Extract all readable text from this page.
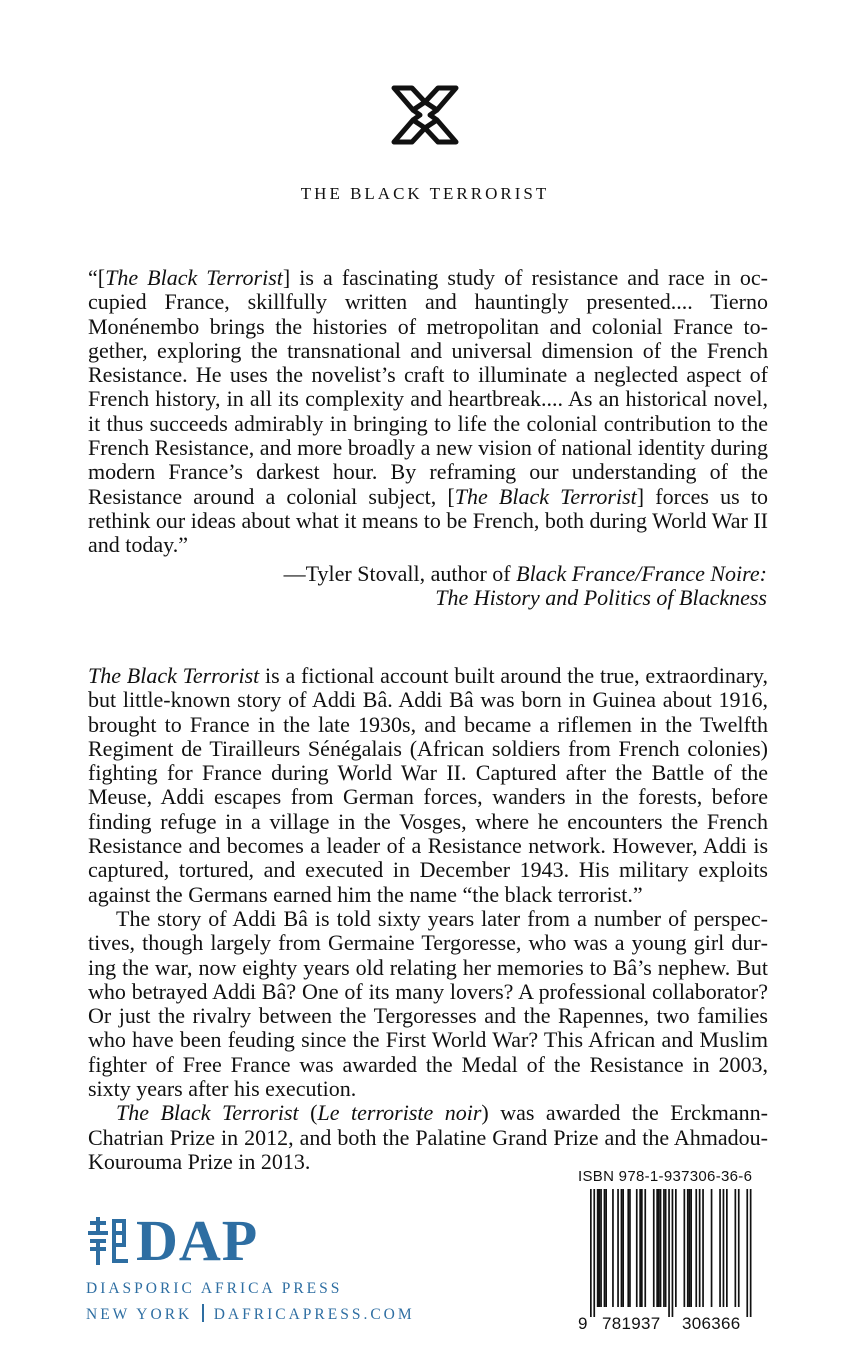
THE BLACK TERRORIST

“[The Black Terrorist] is a fascinating study of resistance and race in occupied France, skillfully written and hauntingly presented.... Tierno Monénembo brings the histories of metropolitan and colonial France together, exploring the transnational and universal dimension of the French Resistance. He uses the novelist’s craft to illuminate a neglected aspect of French history, in all its complexity and heartbreak.... As an historical novel, it thus succeeds admirably in bringing to life the colonial contribution to the French Resistance, and more broadly a new vision of national identity during modern France’s darkest hour. By reframing our understanding of the Resistance around a colonial subject, [The Black Terrorist] forces us to rethink our ideas about what it means to be French, both during World War II and today.”

—Tyler Stovall, author of Black France/France Noire:
The History and Politics of Blackness

The Black Terrorist is a fictional account built around the true, extraordinary, but little-known story of Addi Bâ. Addi Bâ was born in Guinea about 1916, brought to France in the late 1930s, and became a riflemen in the Twelfth Regiment de Tirailleurs Sénégalais (African soldiers from French colonies) fighting for France during World War II. Captured after the Battle of the Meuse, Addi escapes from German forces, wanders in the forests, before finding refuge in a village in the Vosges, where he encounters the French Resistance and becomes a leader of a Resistance network. However, Addi is captured, tortured, and executed in December 1943. His military exploits against the Germans earned him the name “the black terrorist.”

The story of Addi Bâ is told sixty years later from a number of perspectives, though largely from Germaine Tergoresse, who was a young girl during the war, now eighty years old relating her memories to Bâ’s nephew. But who betrayed Addi Bâ? One of its many lovers? A professional collaborator? Or just the rivalry between the Tergoresses and the Rapennes, two families who have been feuding since the First World War? This African and Muslim fighter of Free France was awarded the Medal of the Resistance in 2003, sixty years after his execution.

The Black Terrorist (Le terroriste noir) was awarded the Erckmann-Chatrian Prize in 2012, and both the Palatine Grand Prize and the Ahmadou-Kourouma Prize in 2013.

DAP
DIASPORIC AFRICA PRESS
NEW YORK DAFRICAPRESS.COM
ISBN 978-1-937306-36-6
9 781937 306366
